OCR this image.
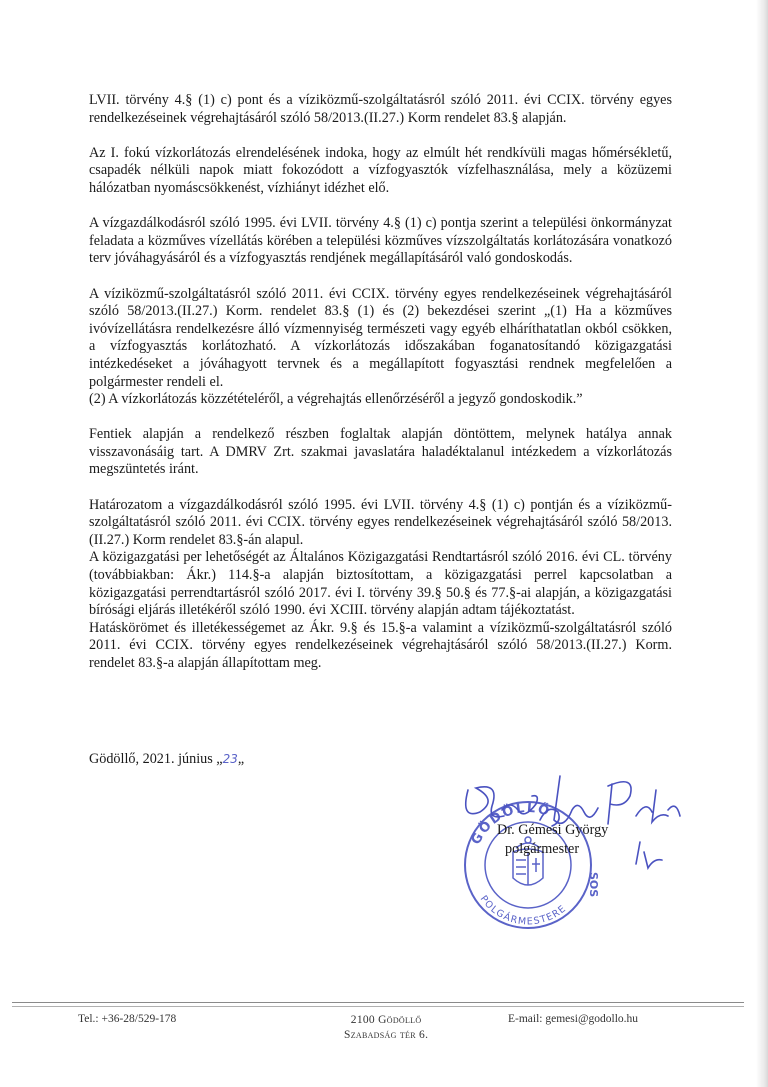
LVII. törvény 4.§ (1) c) pont és a víziközmű-szolgáltatásról szóló 2011. évi CCIX. törvény egyes rendelkezéseinek végrehajtásáról szóló 58/2013.(II.27.) Korm rendelet 83.§ alapján.

Az I. fokú vízkorlátozás elrendelésének indoka, hogy az elmúlt hét rendkívüli magas hőmérsékletű, csapadék nélküli napok miatt fokozódott a vízfogyasztók vízfelhasználása, mely a közüzemi hálózatban nyomáscsökkenést, vízhiányt idézhet elő.

A vízgazdálkodásról szóló 1995. évi LVII. törvény 4.§ (1) c) pontja szerint a települési önkormányzat feladata a közműves vízellátás körében a települési közműves vízszolgáltatás korlátozására vonatkozó terv jóváhagyásáról és a vízfogyasztás rendjének megállapításáról való gondoskodás.

A víziközmű-szolgáltatásról szóló 2011. évi CCIX. törvény egyes rendelkezéseinek végrehajtásáról szóló 58/2013.(II.27.) Korm. rendelet 83.§ (1) és (2) bekezdései szerint „(1) Ha a közműves ivóvízellátásra rendelkezésre álló vízmennyiség természeti vagy egyéb elháríthatatlan okból csökken, a vízfogyasztás korlátozható. A vízkorlátozás időszakában foganatosítandó közigazgatási intézkedéseket a jóváhagyott tervnek és a megállapított fogyasztási rendnek megfelelően a polgármester rendeli el.

(2) A vízkorlátozás közzétételéről, a végrehajtás ellenőrzéséről a jegyző gondoskodik.”

Fentiek alapján a rendelkező részben foglaltak alapján döntöttem, melynek hatálya annak visszavonásáig tart. A DMRV Zrt. szakmai javaslatára haladéktalanul intézkedem a vízkorlátozás megszüntetés iránt.

Határozatom a vízgazdálkodásról szóló 1995. évi LVII. törvény 4.§ (1) c) pontján és a víziközmű-szolgáltatásról szóló 2011. évi CCIX. törvény egyes rendelkezéseinek végrehajtásáról szóló 58/2013.(II.27.) Korm rendelet 83.§-án alapul.

A közigazgatási per lehetőségét az Általános Közigazgatási Rendtartásról szóló 2016. évi CL. törvény (továbbiakban: Ákr.) 114.§-a alapján biztosítottam, a közigazgatási perrel kapcsolatban a közigazgatási perrendtartásról szóló 2017. évi I. törvény 39.§ 50.§ és 77.§-ai alapján, a közigazgatási bírósági eljárás illetékéről szóló 1990. évi XCIII. törvény alapján adtam tájékoztatást.

Hatáskörömet és illetékességemet az Ákr. 9.§ és 15.§-a valamint a víziközmű-szolgáltatásról szóló 2011. évi CCIX. törvény egyes rendelkezéseinek végrehajtásáról szóló 58/2013.(II.27.) Korm. rendelet 83.§-a alapján állapítottam meg.

Gödöllő, 2021. június „23„
GÖDÖLLŐ
POLGÁRMESTERE
SOS
Dr. Gémesi György
polgármester
Tel.: +36-28/529-178	2100 Gödöllő
Szabadság tér 6.
E-mail: gemesi@godollo.hu
